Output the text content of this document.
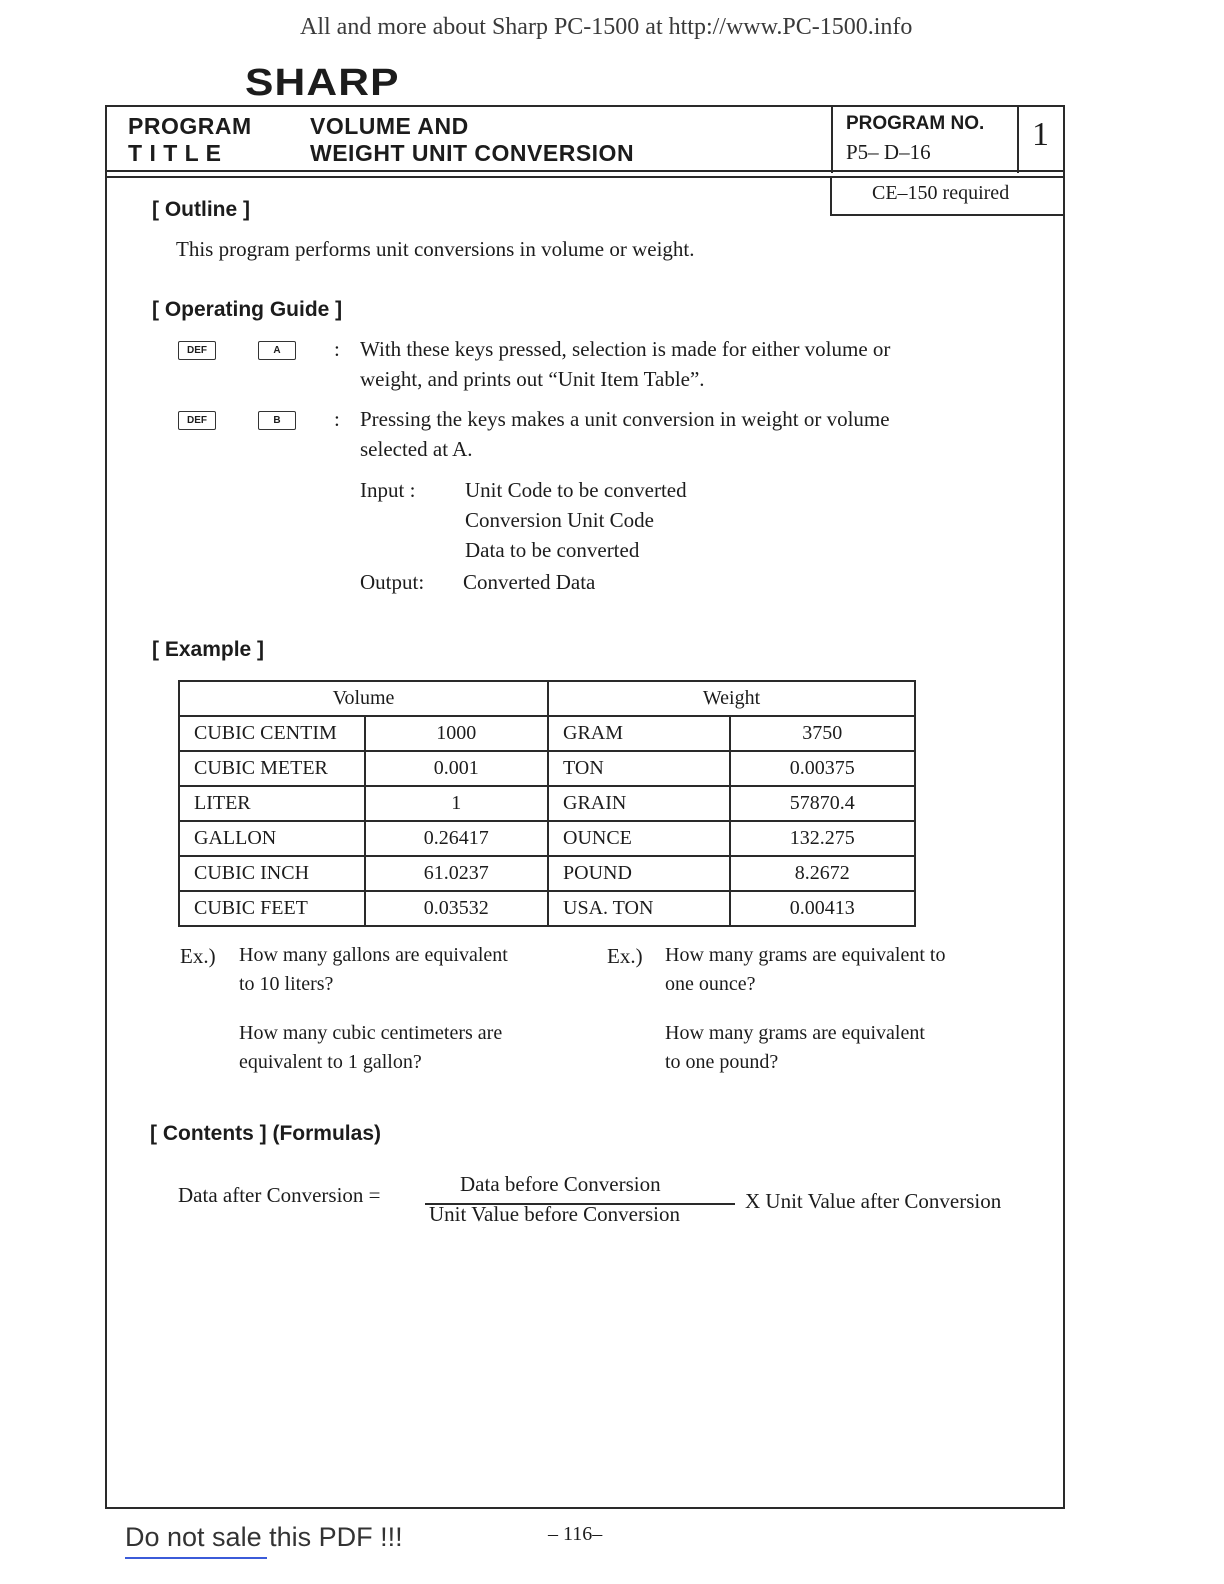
All and more about Sharp PC-1500 at http://www.PC-1500.info
SHARP
PROGRAM
T I T L E
VOLUME AND
WEIGHT UNIT CONVERSION
PROGRAM NO.
P5– D–16	1
CE–150 required
[ Outline ]
This program performs unit conversions in volume or weight.
[ Operating Guide ]
DEF	A	: With these keys pressed, selection is made for either volume or
weight, and prints out “Unit Item Table”.
DEF	B	: Pressing the keys makes a unit conversion in weight or volume
selected at A.
Input : Unit Code to be converted
Conversion Unit Code
Data to be converted
Output: Converted Data
[ Example ]
Volume		Weight	
CUBIC CENTIM	1000	GRAM	3750
CUBIC METER	0.001	TON	0.00375
LITER	1	GRAIN	57870.4
GALLON	0.26417	OUNCE	132.275
CUBIC INCH	61.0237	POUND	8.2672
CUBIC FEET	0.03532	USA. TON	0.00413
Ex.) How many gallons are equivalent
to 10 liters?
How many cubic centimeters are
equivalent to 1 gallon?
Ex.) How many grams are equivalent to
one ounce?
How many grams are equivalent
to one pound?
[ Contents ] (Formulas)
Data after Conversion =	Data before Conversion
Unit Value before Conversion
X Unit Value after Conversion
Do not sale this PDF !!!	– 116–
